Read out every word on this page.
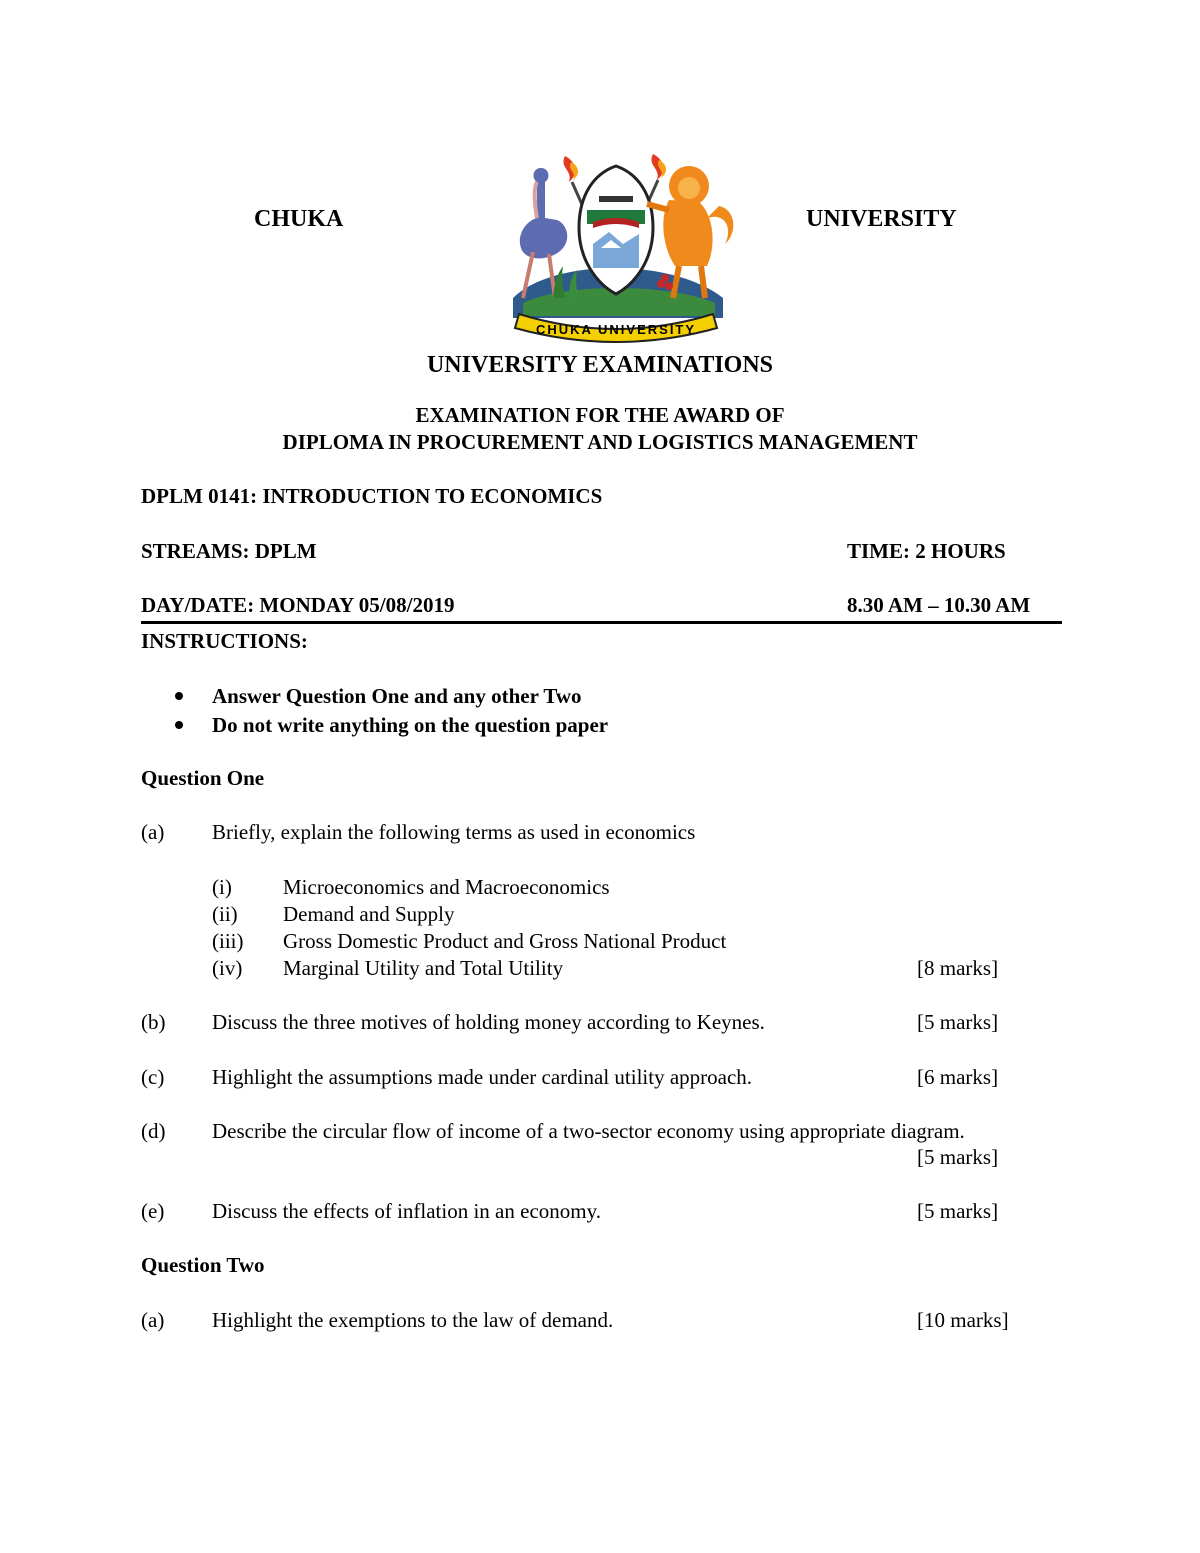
CHUKA	UNIVERSITY
CHUKA UNIVERSITY
UNIVERSITY EXAMINATIONS
EXAMINATION FOR THE AWARD OF
DIPLOMA IN PROCUREMENT AND LOGISTICS MANAGEMENT
DPLM 0141: INTRODUCTION TO ECONOMICS
STREAMS: DPLM	TIME: 2 HOURS
DAY/DATE: MONDAY 05/08/2019	8.30 AM – 10.30 AM
INSTRUCTIONS:
Answer Question One and any other Two
Do not write anything on the question paper
Question One
(a) Briefly, explain the following terms as used in economics
(i) Microeconomics and Macroeconomics
(ii) Demand and Supply
(iii) Gross Domestic Product and Gross National Product
(iv) Marginal Utility and Total Utility	[8 marks]
(b) Discuss the three motives of holding money according to Keynes.	[5 marks]
(c) Highlight the assumptions made under cardinal utility approach.	[6 marks]
(d) Describe the circular flow of income of a two-sector economy using appropriate diagram.
[5 marks]
(e) Discuss the effects of inflation in an economy.	[5 marks]
Question Two
(a) Highlight the exemptions to the law of demand.	[10 marks]
